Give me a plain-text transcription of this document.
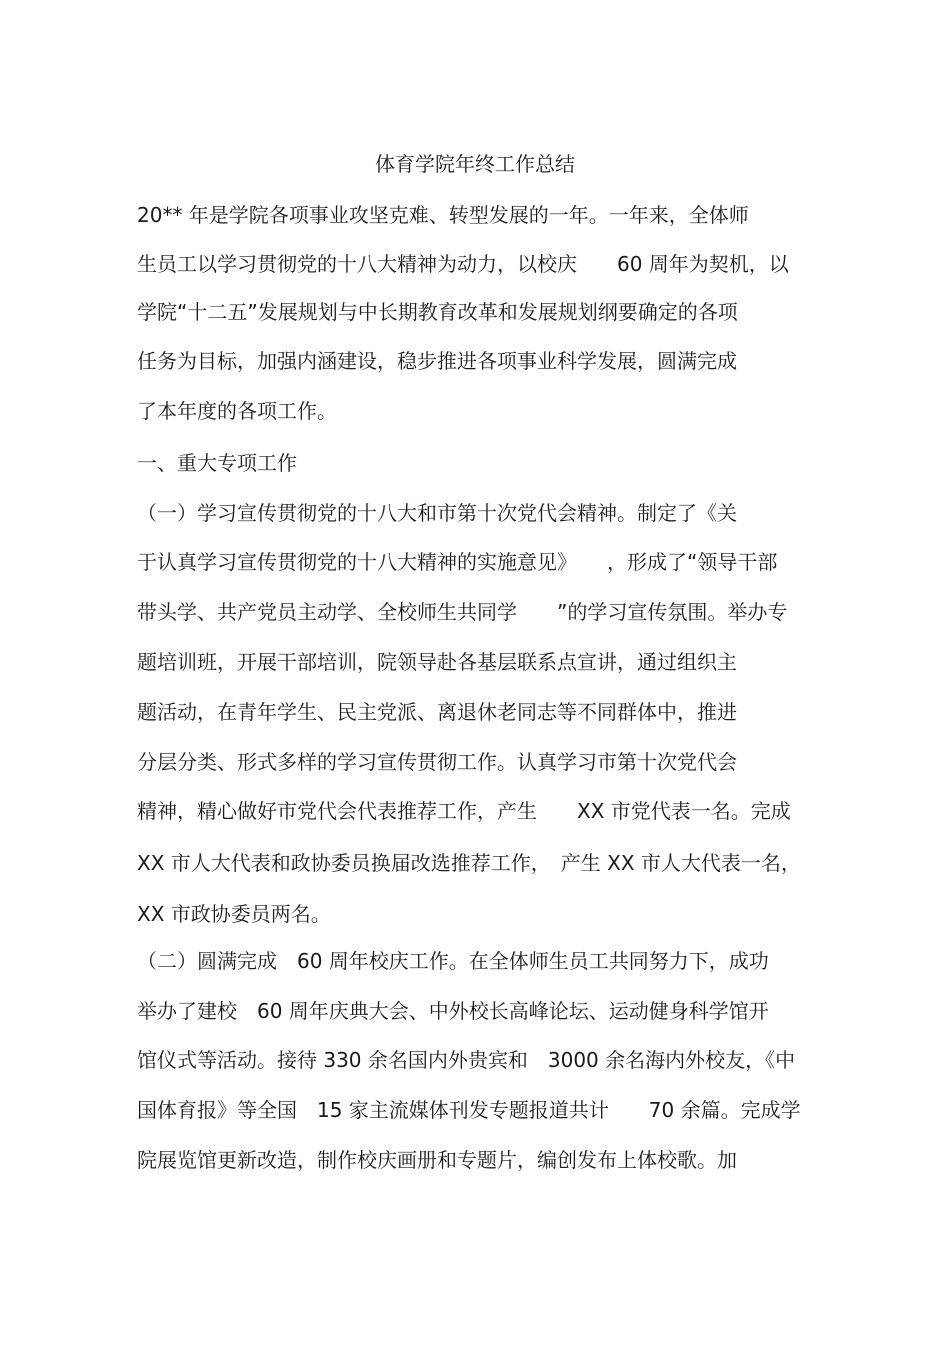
体育学院年终工作总结
20** 年是学院各项事业攻坚克难、转型发展的一年。一年来，全体师
生员工以学习贯彻党的十八大精神为动力，以校庆　　60 周年为契机，以
学院“十二五”发展规划与中长期教育改革和发展规划纲要确定的各项
任务为目标，加强内涵建设，稳步推进各项事业科学发展，圆满完成
了本年度的各项工作。
一、重大专项工作
（一）学习宣传贯彻党的十八大和市第十次党代会精神。制定了《关
于认真学习宣传贯彻党的十八大精神的实施意见》　　，形成了“领导干部
带头学、共产党员主动学、全校师生共同学　　”的学习宣传氛围。举办专
题培训班，开展干部培训，院领导赴各基层联系点宣讲，通过组织主
题活动，在青年学生、民主党派、离退休老同志等不同群体中，推进
分层分类、形式多样的学习宣传贯彻工作。认真学习市第十次党代会
精神，精心做好市党代会代表推荐工作，产生　　XX 市党代表一名。完成
XX 市人大代表和政协委员换届改选推荐工作，　产生 XX 市人大代表一名，
XX 市政协委员两名。
（二）圆满完成　60 周年校庆工作。在全体师生员工共同努力下，成功
举办了建校　60 周年庆典大会、中外校长高峰论坛、运动健身科学馆开
馆仪式等活动。接待 330 余名国内外贵宾和　3000 余名海内外校友，《中
国体育报》等全国　15 家主流媒体刊发专题报道共计　　70 余篇。完成学
院展览馆更新改造，制作校庆画册和专题片，编创发布上体校歌。加
